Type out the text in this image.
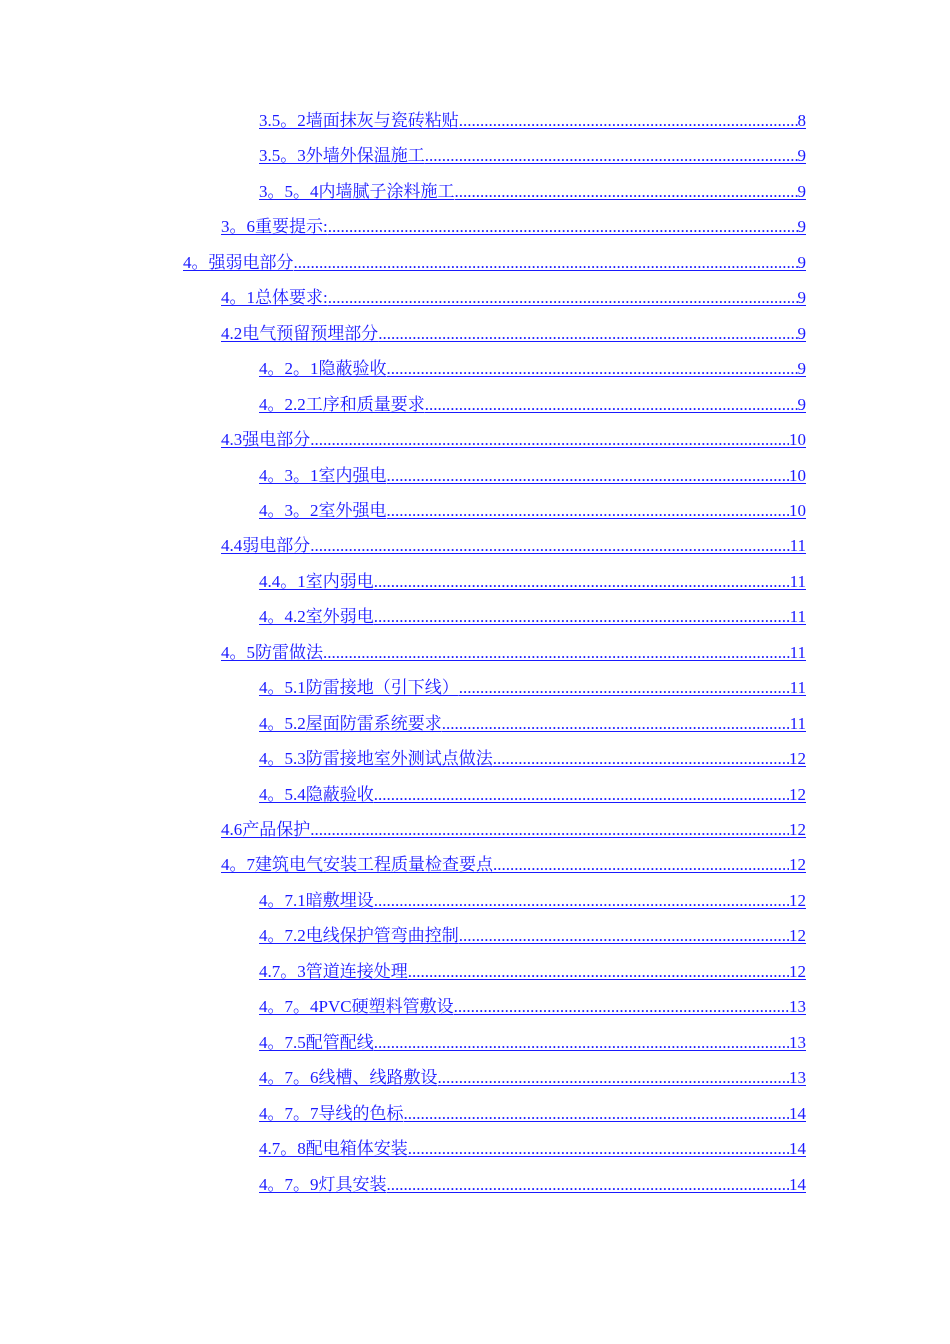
3.5。2墙面抹灰与瓷砖粘贴 .....	8
3.5。3外墙外保温施工 .....	9
3。5。4内墙腻子涂料施工 .....	9
3。6重要提示: .....	9
4。强弱电部分 .....	9
4。1总体要求: .....	9
4.2电气预留预埋部分 .....	9
4。2。1隐蔽验收 .....	9
4。2.2工序和质量要求 .....	9
4.3强电部分 .....	10
4。3。1室内强电 .....	10
4。3。2室外强电 .....	10
4.4弱电部分 .....	11
4.4。1室内弱电 .....	11
4。4.2室外弱电 .....	11
4。5防雷做法 .....	11
4。5.1防雷接地（引下线） .....	11
4。5.2屋面防雷系统要求 .....	11
4。5.3防雷接地室外测试点做法 .....	12
4。5.4隐蔽验收 .....	12
4.6产品保护 .....	12
4。7建筑电气安装工程质量检查要点 .....	12
4。7.1暗敷埋设 .....	12
4。7.2电线保护管弯曲控制 .....	12
4.7。3管道连接处理 .....	12
4。7。4PVC硬塑料管敷设 .....	13
4。7.5配管配线 .....	13
4。7。6线槽、线路敷设 .....	13
4。7。7导线的色标 .....	14
4.7。8配电箱体安装 .....	14
4。7。9灯具安装 .....	14
